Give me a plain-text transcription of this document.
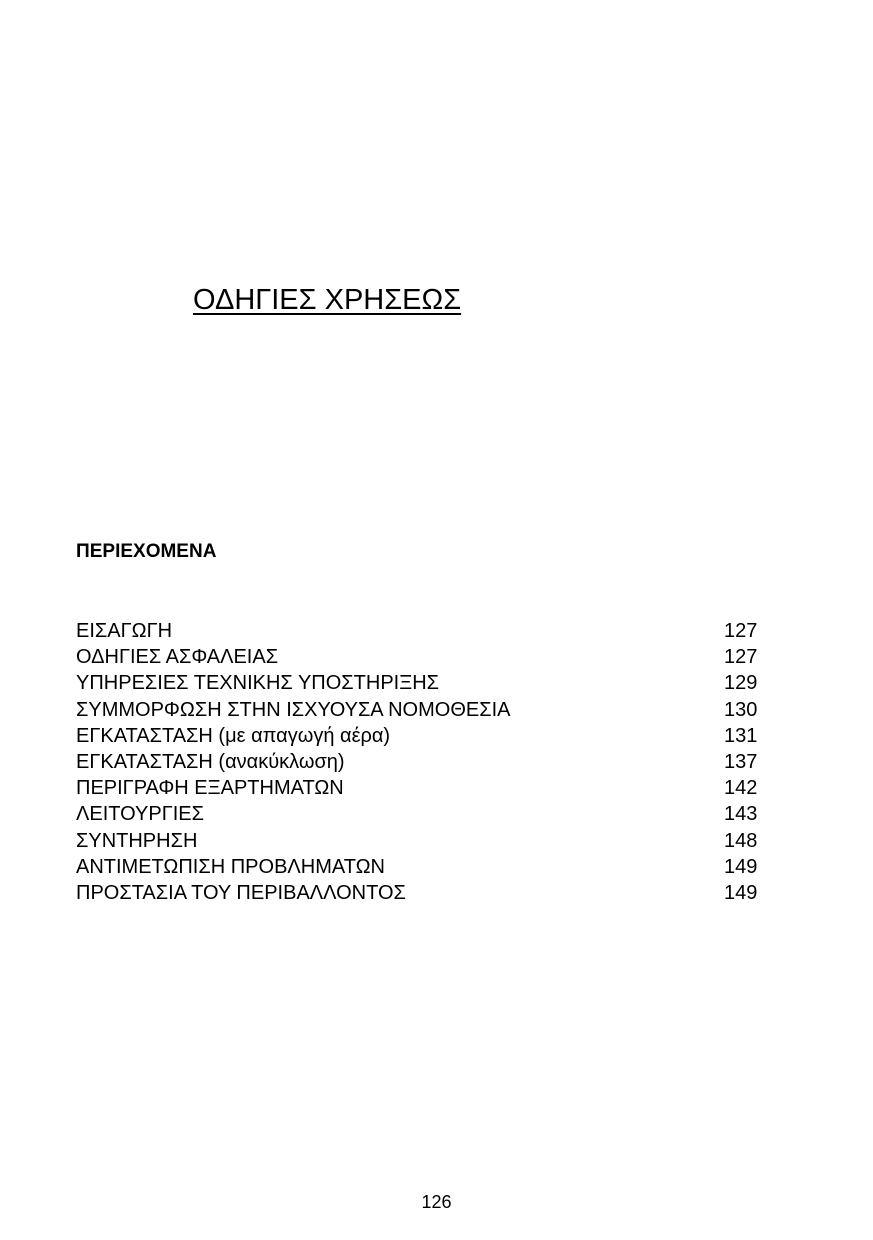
ΟΔΗΓΙΕΣ ΧΡΗΣΕΩΣ
ΠΕΡΙΕΧΟΜΕΝΑ
ΕΙΣΑΓΩΓΗ	127
ΟΔΗΓΙΕΣ ΑΣΦΑΛΕΙΑΣ	127
ΥΠΗΡΕΣΙΕΣ ΤΕΧΝΙΚΗΣ ΥΠΟΣΤΗΡΙΞΗΣ	129
ΣΥΜΜΟΡΦΩΣΗ ΣΤΗΝ ΙΣΧΥΟΥΣΑ ΝΟΜΟΘΕΣΙΑ	130
ΕΓΚΑΤΑΣΤΑΣΗ (με απαγωγή αέρα)	131
ΕΓΚΑΤΑΣΤΑΣΗ (ανακύκλωση)	137
ΠΕΡΙΓΡΑΦΗ ΕΞΑΡΤΗΜΑΤΩΝ	142
ΛΕΙΤΟΥΡΓΙΕΣ	143
ΣΥΝΤΗΡΗΣΗ	148
ΑΝΤΙΜΕΤΩΠΙΣΗ ΠΡΟΒΛΗΜΑΤΩΝ	149
ΠΡΟΣΤΑΣΙΑ ΤΟΥ ΠΕΡΙΒΑΛΛΟΝΤΟΣ	149
126
